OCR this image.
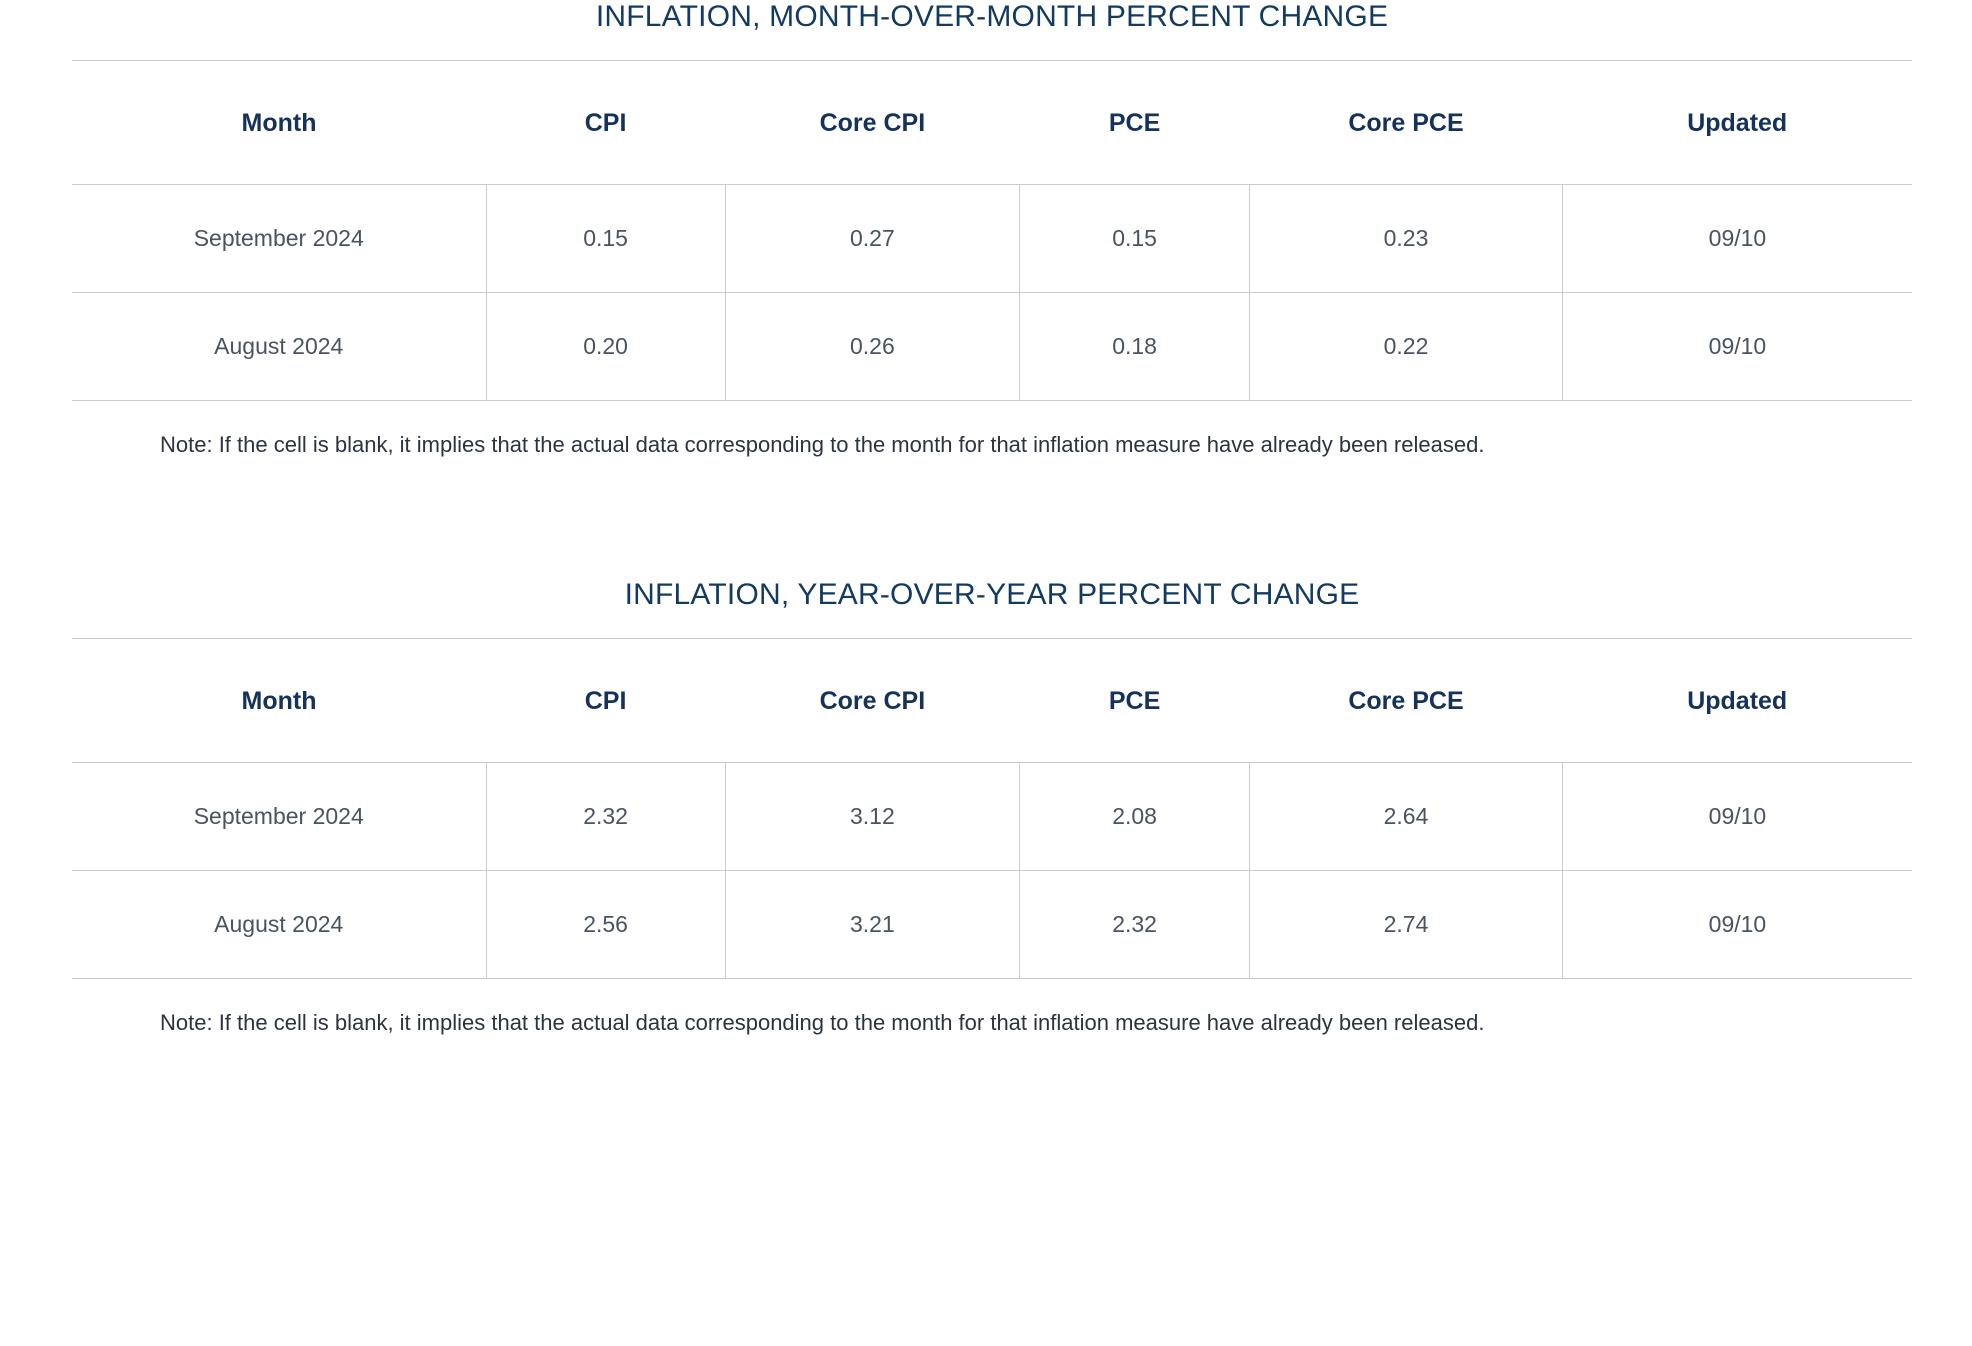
INFLATION, MONTH-OVER-MONTH PERCENT CHANGE
Month	CPI	Core CPI	PCE	Core PCE	Updated
September 2024	0.15	0.27	0.15	0.23	09/10
August 2024	0.20	0.26	0.18	0.22	09/10
Note: If the cell is blank, it implies that the actual data corresponding to the month for that inflation measure have already been released.
INFLATION, YEAR-OVER-YEAR PERCENT CHANGE
Month	CPI	Core CPI	PCE	Core PCE	Updated
September 2024	2.32	3.12	2.08	2.64	09/10
August 2024	2.56	3.21	2.32	2.74	09/10
Note: If the cell is blank, it implies that the actual data corresponding to the month for that inflation measure have already been released.
